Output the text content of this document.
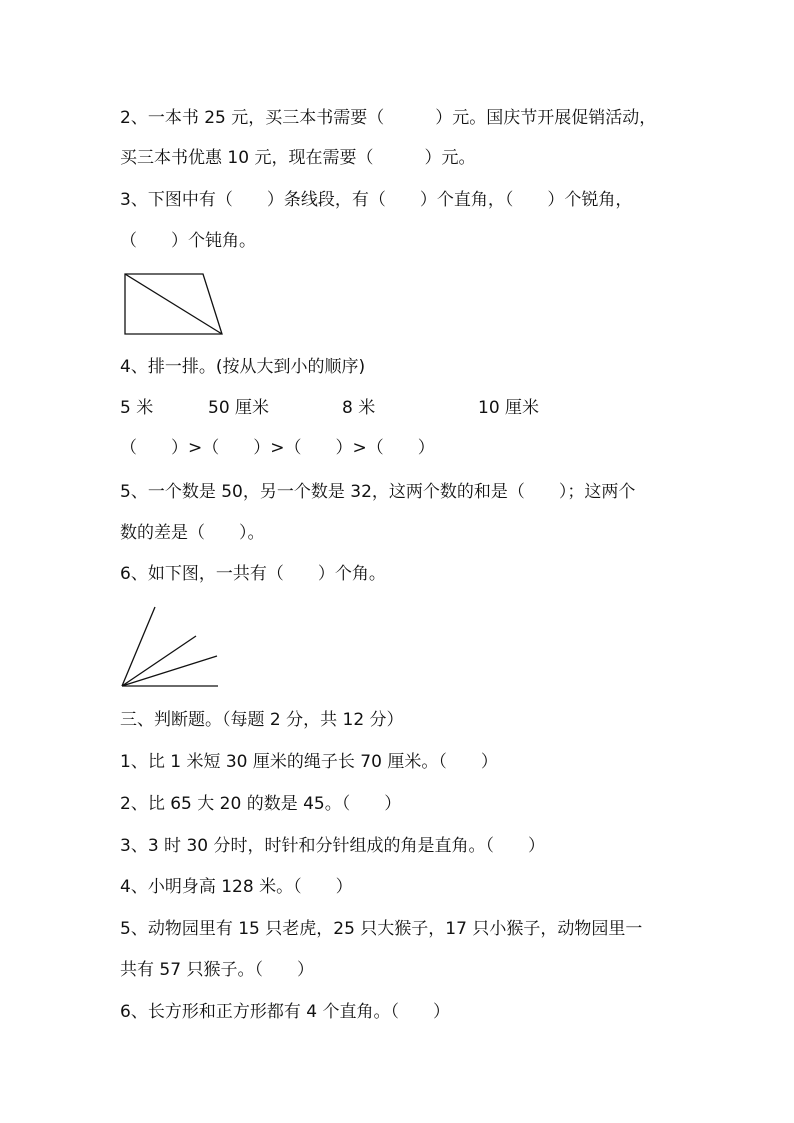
2、一本书 25 元，买三本书需要（　　　）元。国庆节开展促销活动，
买三本书优惠 10 元，现在需要（　　　）元。
3、下图中有（　　）条线段，有（　　）个直角，（　　）个锐角，
（　　）个钝角。
4、排一排。(按从大到小的顺序)

5 米

	50 厘米

	8 米

	10 厘米

（　　）>（　　）>（　　）>（　　）
5、一个数是 50，另一个数是 32，这两个数的和是（　　）；这两个
数的差是（　　）。
6、如下图，一共有（　　）个角。
三、判断题。（每题 2 分，共 12 分）
1、比 1 米短 30 厘米的绳子长 70 厘米。（　　）
2、比 65 大 20 的数是 45。（　　）
3、3 时 30 分时，时针和分针组成的角是直角。（　　）
4、小明身高 128 米。（　　）
5、动物园里有 15 只老虎，25 只大猴子，17 只小猴子，动物园里一
共有 57 只猴子。（　　）
6、长方形和正方形都有 4 个直角。（　　）
